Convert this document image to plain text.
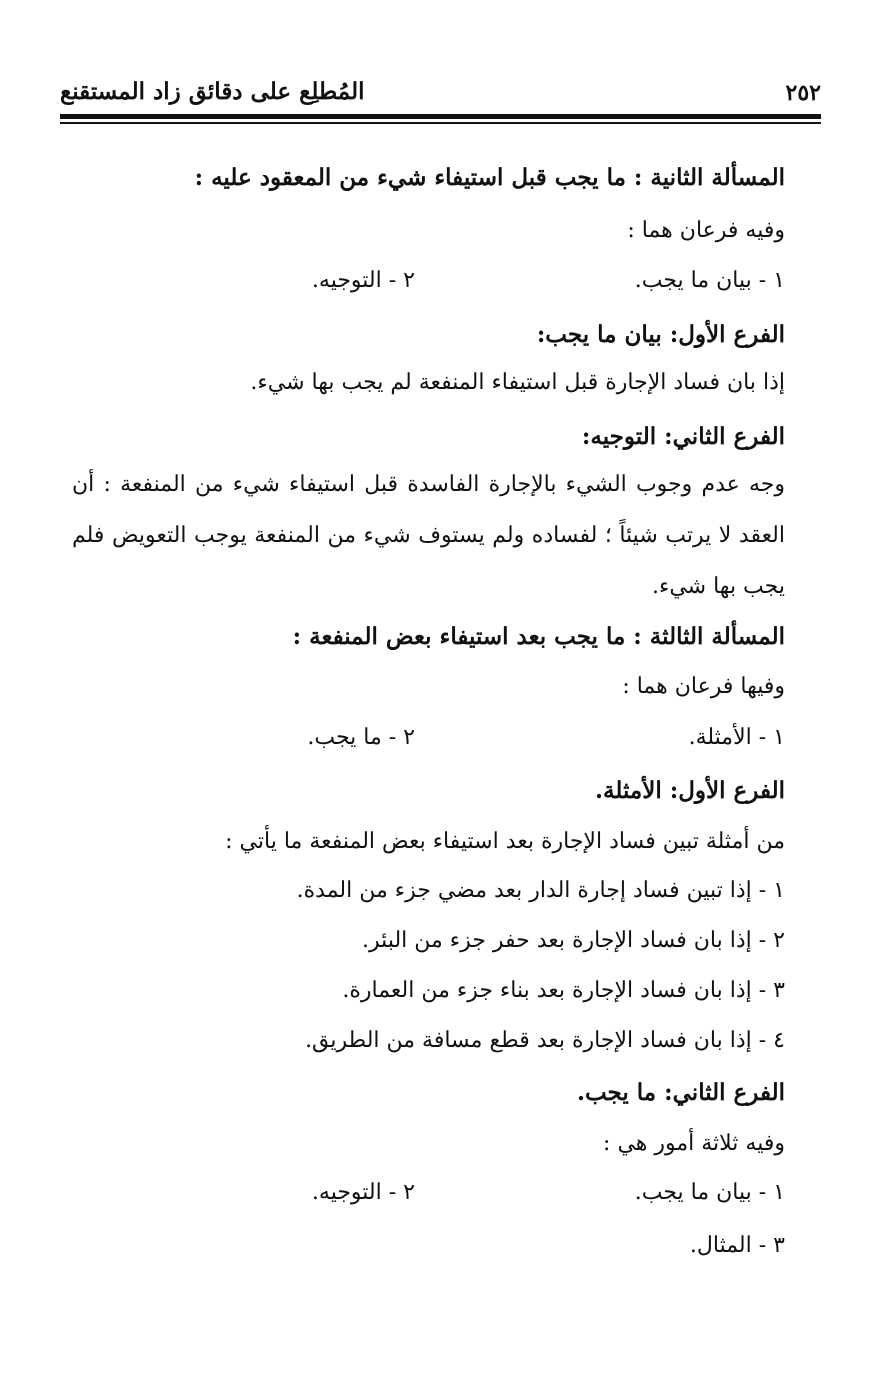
٢٥٢
المُطلِع على دقائق زاد المستقنع
المسألة الثانية : ما يجب قبل استيفاء شيء من المعقود عليه :
وفيه فرعان هما :
١ - بيان ما يجب.
٢ - التوجيه.
الفرع الأول: بيان ما يجب:
إذا بان فساد الإجارة قبل استيفاء المنفعة لم يجب بها شيء.
الفرع الثاني: التوجيه:
وجه عدم وجوب الشيء بالإجارة الفاسدة قبل استيفاء شيء من المنفعة : أن
العقد لا يرتب شيئاً ؛ لفساده ولم يستوف شيء من المنفعة يوجب التعويض فلم
يجب بها شيء.
المسألة الثالثة : ما يجب بعد استيفاء بعض المنفعة :
وفيها فرعان هما :
١ - الأمثلة.
٢ - ما يجب.
الفرع الأول: الأمثلة.
من أمثلة تبين فساد الإجارة بعد استيفاء بعض المنفعة ما يأتي :
١ - إذا تبين فساد إجارة الدار بعد مضي جزء من المدة.
٢ - إذا بان فساد الإجارة بعد حفر جزء من البئر.
٣ - إذا بان فساد الإجارة بعد بناء جزء من العمارة.
٤ - إذا بان فساد الإجارة بعد قطع مسافة من الطريق.
الفرع الثاني: ما يجب.
وفيه ثلاثة أمور هي :
١ - بيان ما يجب.
٢ - التوجيه.
٣ - المثال.
